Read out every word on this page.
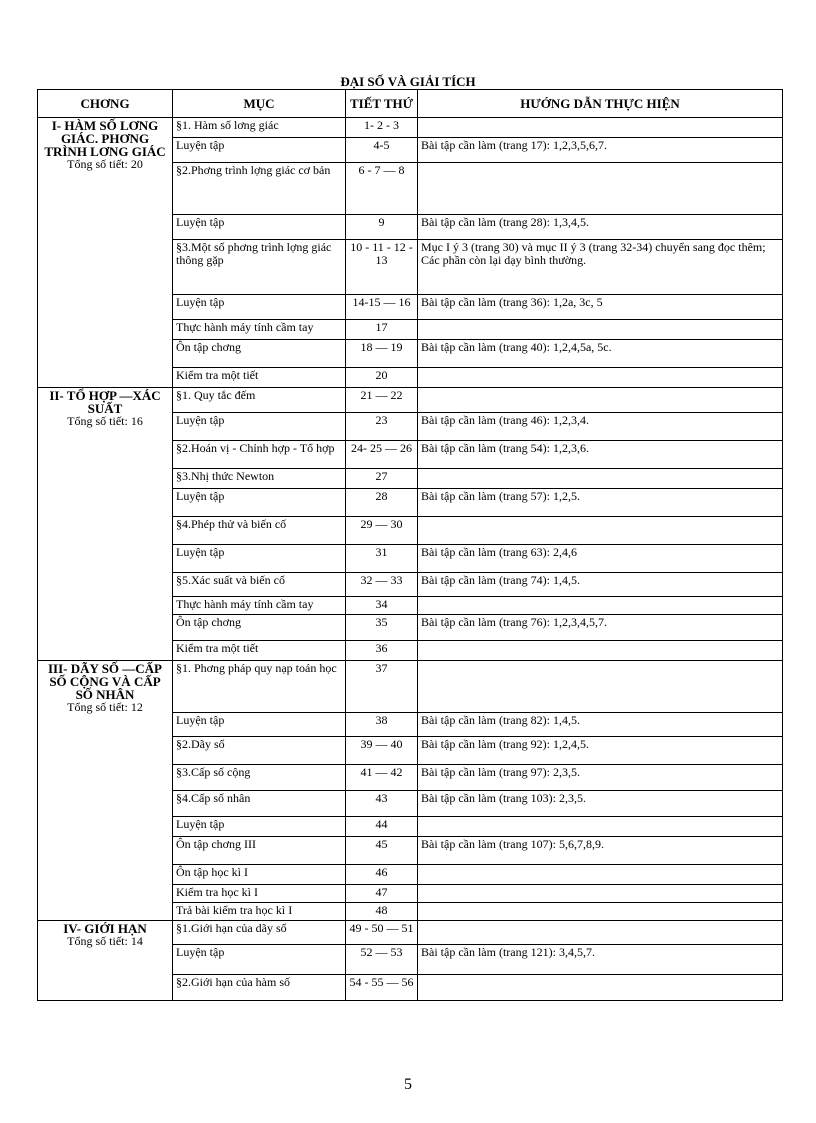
ĐẠI SỐ VÀ GIẢI TÍCH
CHƠNG	MỤC	TIẾT THỨ	HƯỚNG DẪN THỰC HIỆN

I- HÀM SỐ LƠNG GIÁC. PHƠNG TRÌNH LƠNG GIÁC
Tổng số tiết: 20	§1. Hàm số lơng giác	1- 2 - 3	
	Luyện tập	4-5	Bài tập cần làm (trang 17): 1,2,3,5,6,7.
	§2.Phơng trình lợng giác cơ bản	6 - 7 — 8	
	Luyện tập	9	Bài tập cần làm (trang 28): 1,3,4,5.
	§3.Một số phơng trình lợng giác thông gặp	10 - 11 - 12 - 13	Mục I ý 3 (trang 30) và mục II ý 3 (trang 32-34) chuyển sang đọc thêm; Các phần còn lại dạy bình thường.
	Luyện tập	14-15 — 16	Bài tập cần làm (trang 36): 1,2a, 3c, 5
	Thực hành máy tính cầm tay	17	
	Ôn tập chơng	18 — 19	Bài tập cần làm (trang 40): 1,2,4,5a, 5c.
	Kiểm tra một tiết	20	

II- TỔ HỢP —XÁC SUẤT
Tổng số tiết: 16	§1. Quy tắc đếm	21 — 22	
	Luyện tập	23	Bài tập cần làm (trang 46): 1,2,3,4.
	§2.Hoán vị - Chỉnh hợp - Tổ hợp	24- 25 — 26	Bài tập cần làm (trang 54): 1,2,3,6.
	§3.Nhị thức Newton	27	
	Luyện tập	28	Bài tập cần làm (trang 57): 1,2,5.
	§4.Phép thử và biến cố	29 — 30	
	Luyện tập	31	Bài tập cần làm (trang 63): 2,4,6
	§5.Xác suất và biến cố	32 — 33	Bài tập cần làm (trang 74): 1,4,5.
	Thực hành máy tính cầm tay	34	
	Ôn tập chơng	35	Bài tập cần làm (trang 76): 1,2,3,4,5,7.
	Kiểm tra một tiết	36	

III- DÃY SỐ —CẤP SỐ CỘNG VÀ CẤP SỐ NHÂN
Tổng số tiết: 12	§1. Phơng pháp quy nạp toán học	37	
	Luyện tập	38	Bài tập cần làm (trang 82): 1,4,5.
	§2.Dãy số	39 — 40	Bài tập cần làm (trang 92): 1,2,4,5.
	§3.Cấp số cộng	41 — 42	Bài tập cần làm (trang 97): 2,3,5.
	§4.Cấp số nhân	43	Bài tập cần làm (trang 103): 2,3,5.
	Luyện tập	44	
	Ôn tập chơng III	45	Bài tập cần làm (trang 107): 5,6,7,8,9.
	Ôn tập học kì I	46	
	Kiểm tra học kì I	47	
	Trả bài kiểm tra học kì I	48	

IV- GIỚI HẠN
Tổng số tiết: 14	§1.Giới hạn của dãy số	49 - 50 — 51	
	Luyện tập	52 — 53	Bài tập cần làm (trang 121): 3,4,5,7.
	§2.Giới hạn của hàm số	54 - 55 — 56	
5
